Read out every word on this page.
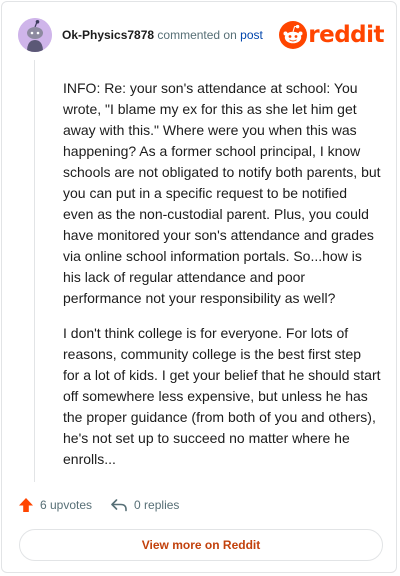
Ok-Physics7878 commented on post reddit

INFO: Re: your son's attendance at school: You wrote, "I blame my ex for this as she let him get away with this." Where were you when this was happening? As a former school principal, I know schools are not obligated to notify both parents, but you can put in a specific request to be notified even as the non-custodial parent. Plus, you could have monitored your son's attendance and grades via online school information portals. So...how is his lack of regular attendance and poor performance not your responsibility as well?

I don't think college is for everyone. For lots of reasons, community college is the best first step for a lot of kids. I get your belief that he should start off somewhere less expensive, but unless he has the proper guidance (from both of you and others), he's not set up to succeed no matter where he enrolls...

6 upvotes	0 replies
View more on Reddit
